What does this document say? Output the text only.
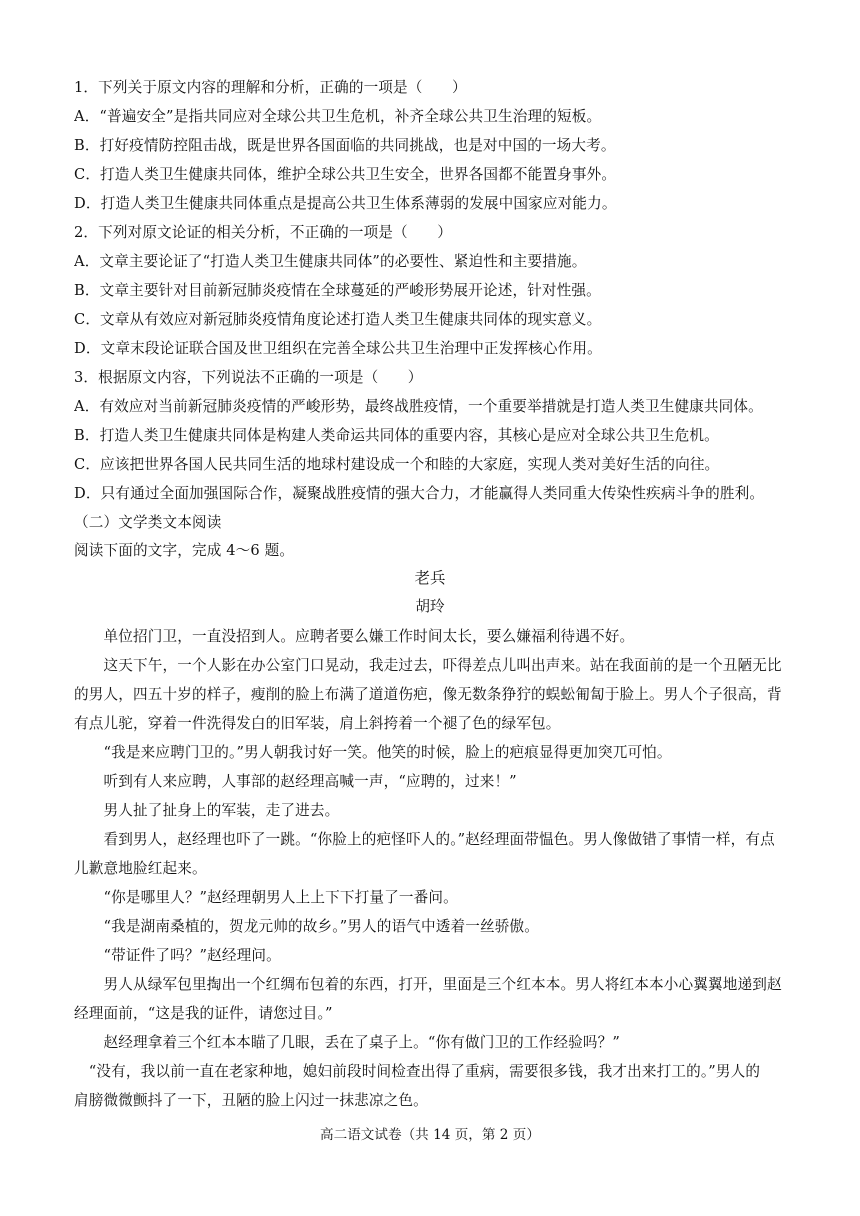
1．下列关于原文内容的理解和分析，正确的一项是（　　）
A．“普遍安全”是指共同应对全球公共卫生危机，补齐全球公共卫生治理的短板。
B．打好疫情防控阻击战，既是世界各国面临的共同挑战，也是对中国的一场大考。
C．打造人类卫生健康共同体，维护全球公共卫生安全，世界各国都不能置身事外。
D．打造人类卫生健康共同体重点是提高公共卫生体系薄弱的发展中国家应对能力。
2．下列对原文论证的相关分析，不正确的一项是（　　）
A．文章主要论证了“打造人类卫生健康共同体”的必要性、紧迫性和主要措施。
B．文章主要针对目前新冠肺炎疫情在全球蔓延的严峻形势展开论述，针对性强。
C．文章从有效应对新冠肺炎疫情角度论述打造人类卫生健康共同体的现实意义。
D．文章末段论证联合国及世卫组织在完善全球公共卫生治理中正发挥核心作用。
3．根据原文内容，下列说法不正确的一项是（　　）
A．有效应对当前新冠肺炎疫情的严峻形势，最终战胜疫情，一个重要举措就是打造人类卫生健康共同体。
B．打造人类卫生健康共同体是构建人类命运共同体的重要内容，其核心是应对全球公共卫生危机。
C．应该把世界各国人民共同生活的地球村建设成一个和睦的大家庭，实现人类对美好生活的向往。
D．只有通过全面加强国际合作，凝聚战胜疫情的强大合力，才能赢得人类同重大传染性疾病斗争的胜利。
（二）文学类文本阅读
阅读下面的文字，完成 4～6 题。
老兵
胡玲
　　单位招门卫，一直没招到人。应聘者要么嫌工作时间太长，要么嫌福利待遇不好。
　　这天下午，一个人影在办公室门口晃动，我走过去，吓得差点儿叫出声来。站在我面前的是一个丑陋无比
的男人，四五十岁的样子，瘦削的脸上布满了道道伤疤，像无数条狰狞的蜈蚣匍匐于脸上。男人个子很高，背
有点儿驼，穿着一件洗得发白的旧军装，肩上斜挎着一个褪了色的绿军包。
　　“我是来应聘门卫的。”男人朝我讨好一笑。他笑的时候，脸上的疤痕显得更加突兀可怕。
　　听到有人来应聘，人事部的赵经理高喊一声，“应聘的，过来！”
　　男人扯了扯身上的军装，走了进去。
　　看到男人，赵经理也吓了一跳。“你脸上的疤怪吓人的。”赵经理面带愠色。男人像做错了事情一样，有点
儿歉意地脸红起来。
　　“你是哪里人？”赵经理朝男人上上下下打量了一番问。
　　“我是湖南桑植的，贺龙元帅的故乡。”男人的语气中透着一丝骄傲。
　　“带证件了吗？”赵经理问。
　　男人从绿军包里掏出一个红绸布包着的东西，打开，里面是三个红本本。男人将红本本小心翼翼地递到赵
经理面前，“这是我的证件，请您过目。”
　　赵经理拿着三个红本本瞄了几眼，丢在了桌子上。“你有做门卫的工作经验吗？”
　“没有，我以前一直在老家种地，媳妇前段时间检查出得了重病，需要很多钱，我才出来打工的。”男人的
肩膀微微颤抖了一下，丑陋的脸上闪过一抹悲凉之色。
高二语文试卷（共 14 页，第 2 页）
